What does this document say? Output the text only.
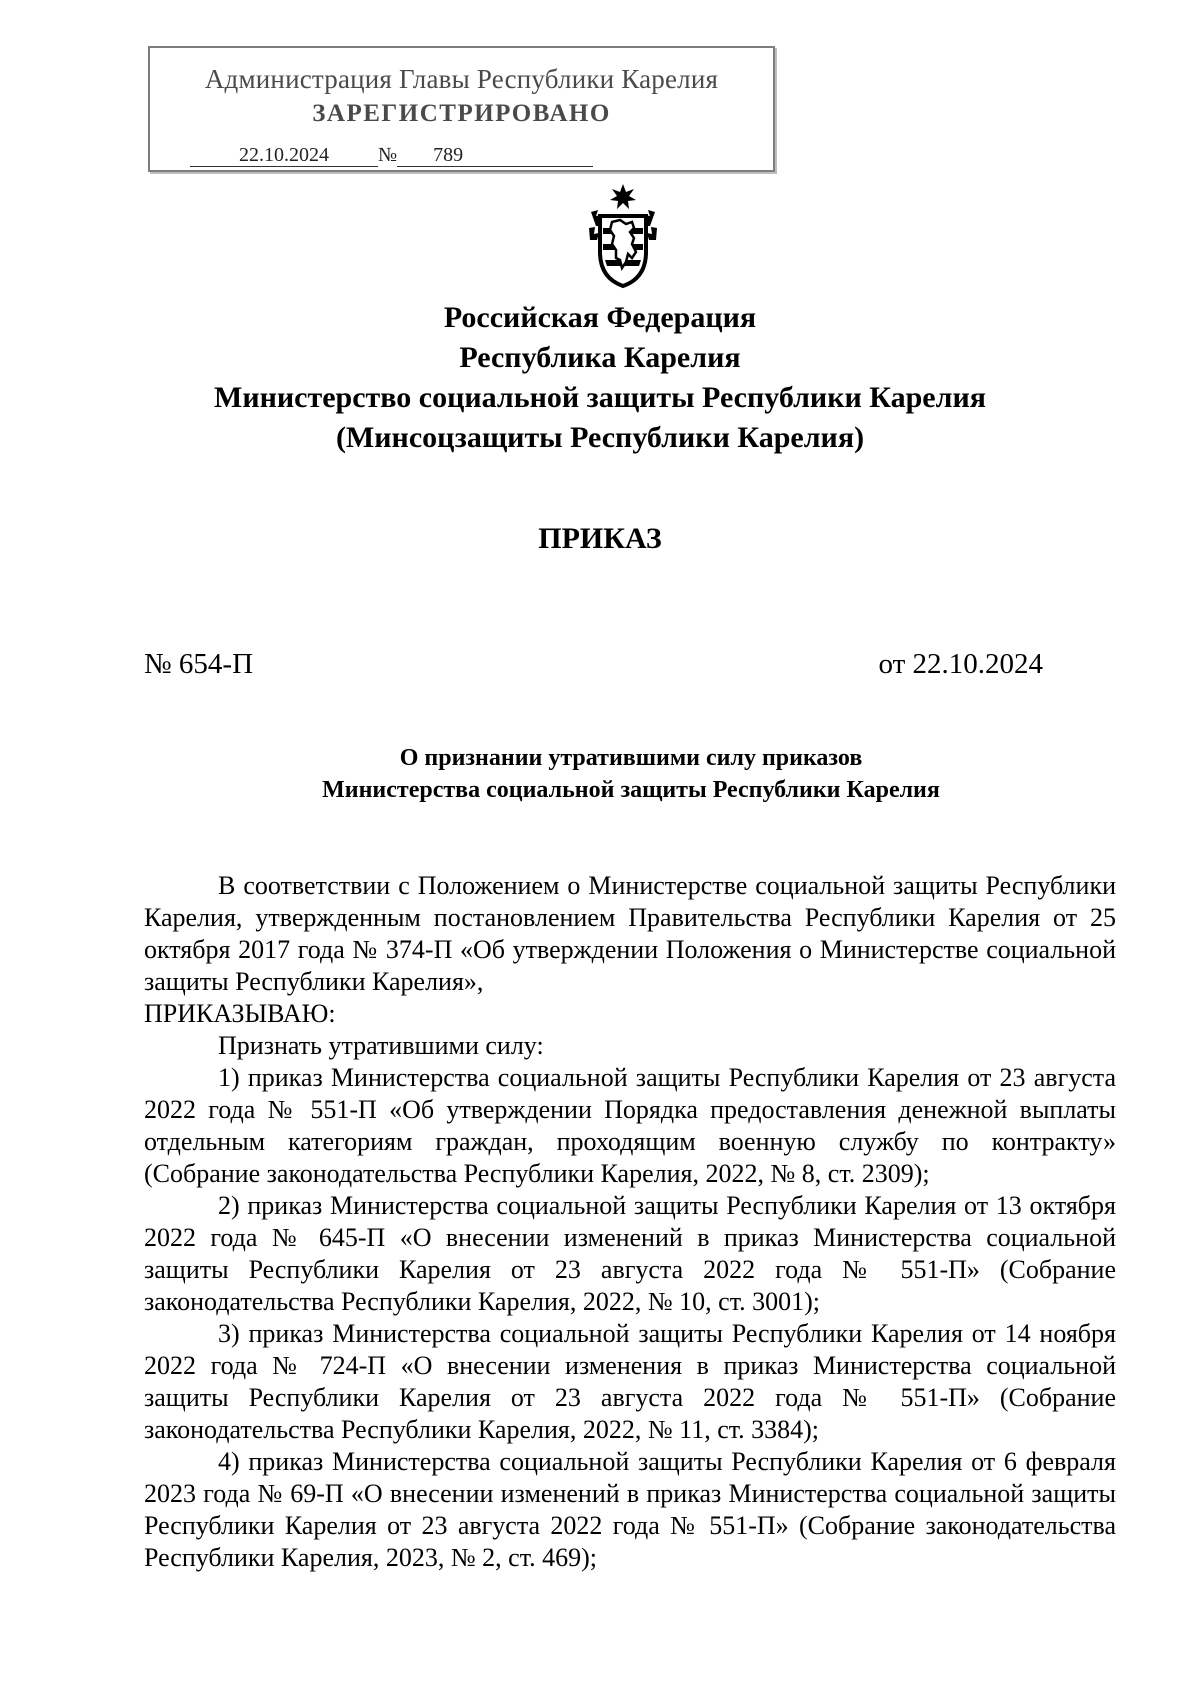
Администрация Главы Республики Карелия
ЗАРЕГИСТРИРОВАНО
22.10.2024 № 789
Российская Федерация
Республика Карелия
Министерство социальной защиты Республики Карелия
(Минсоцзащиты Республики Карелия)
ПРИКАЗ
№ 654-П	от 22.10.2024
О признании утратившими силу приказов
Министерства социальной защиты Республики Карелия

В соответствии с Положением о Министерстве социальной защиты Республики Карелия, утвержденным постановлением Правительства Республики Карелия от 25 октября 2017 года № 374-П «Об утверждении Положения о Министерстве социальной защиты Республики Карелия»,

ПРИКАЗЫВАЮ:

Признать утратившими силу:

1) приказ Министерства социальной защиты Республики Карелия от 23 августа 2022 года № 551-П «Об утверждении Порядка предоставления денежной выплаты отдельным категориям граждан, проходящим военную службу по контракту» (Собрание законодательства Республики Карелия, 2022, № 8, ст. 2309);

2) приказ Министерства социальной защиты Республики Карелия от 13 октября 2022 года № 645-П «О внесении изменений в приказ Министерства социальной защиты Республики Карелия от 23 августа 2022 года № 551-П» (Собрание законодательства Республики Карелия, 2022, № 10, ст. 3001);

3) приказ Министерства социальной защиты Республики Карелия от 14 ноября 2022 года № 724-П «О внесении изменения в приказ Министерства социальной защиты Республики Карелия от 23 августа 2022 года № 551-П» (Собрание законодательства Республики Карелия, 2022, № 11, ст. 3384);

4) приказ Министерства социальной защиты Республики Карелия от 6 февраля 2023 года № 69-П «О внесении изменений в приказ Министерства социальной защиты Республики Карелия от 23 августа 2022 года № 551-П» (Собрание законодательства Республики Карелия, 2023, № 2, ст. 469);
